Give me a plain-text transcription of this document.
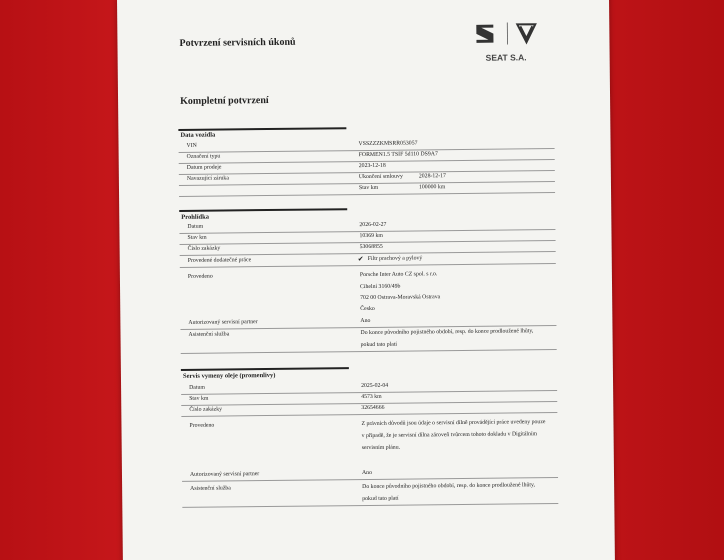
Potvrzení servisních úkonů
SEAT S.A.
Kompletní potvrzení
Data vozidla
VIN	VSSZZZKMSRR053057
Označení typu	FORMEN1.5 TSIF 5d110 DS9A7
Datum prodeje	2023-12-18
Navazující záruka	Ukončení smlouvy	2028-12-17
Stav km	100000 km
Prohlídka
Datum	2026-02-27
Stav km	10369 km
Číslo zakázky	53068855
Provedené dodatečné práce	✔ Filtr prachový a pylový
Provedeno	Porsche Inter Auto CZ spol. s r.o.
Cihelní 3160/49b
702 00 Ostrava-Moravská Ostrava
Česko
Autorizovaný servisní partner	Ano
Asistenční služba	Do konce původního pojistného období, resp. do konce prodloužené lhůty,
pokud tato platí
Servis vymeny oleje (promenlivy)
Datum	2025-02-04
Stav km	4573 km
Číslo zakázky	32654666
Provedeno	Z právních důvodů jsou údaje o servisní dílně provádějící práce uvedeny pouze
v případě, že je servisní dílna zároveň tvůrcem tohoto dokladu v Digitálním
servisním plánu.
Autorizovaný servisní partner	Ano
Asistenční služba	Do konce původního pojistného období, resp. do konce prodloužené lhůty,
pokud tato platí
